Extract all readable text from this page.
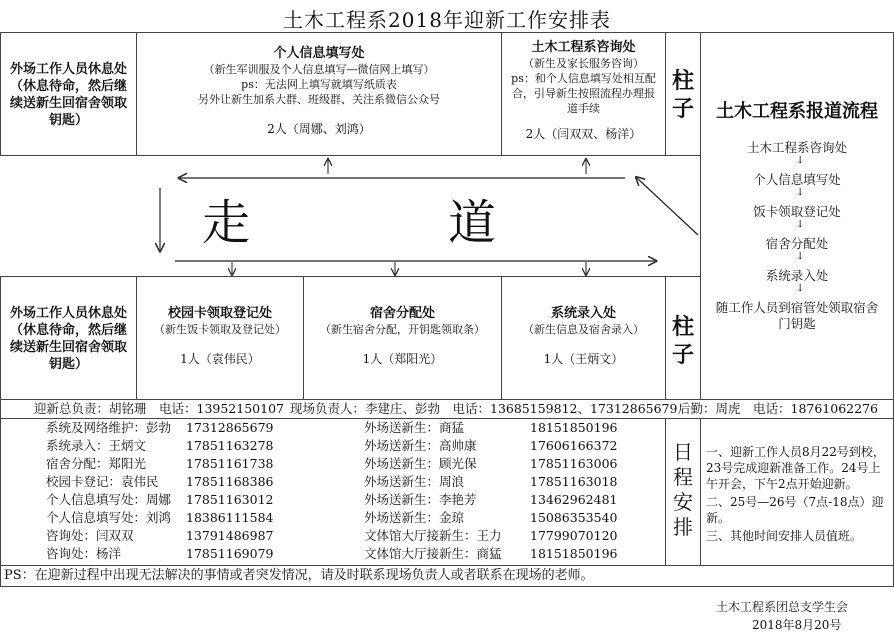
土木工程系2018年迎新工作安排表
外场工作人员休息处（休息待命，然后继续送新生回宿舍领取钥匙）
个人信息填写处
（新生军训服及个人信息填写—微信网上填写）
ps：无法网上填写就填写纸质表
另外让新生加系大群、班级群、关注系微信公众号
2人（周娜、刘鸿）
土木工程系咨询处
（新生及家长服务咨询）
ps：和个人信息填写处相互配合，引导新生按照流程办理报道手续
2人（闫双双、杨洋）
柱子	土木工程系报道流程
土木工程系咨询处
↓
个人信息填写处
↓
饭卡领取登记处
↓
宿舍分配处
↓
系统录入处
↓
随工作人员到宿管处领取宿舍门钥匙
走	道
外场工作人员休息处（休息待命，然后继续送新生回宿舍领取钥匙）
校园卡领取登记处
（新生饭卡领取及登记处）
1人（袁伟民）
宿舍分配处
（新生宿舍分配，开钥匙领取条）
1人（郑阳光）
系统录入处
（新生信息及宿舍录入）
1人（王炳文）
柱子
迎新总负责：胡铭珊　电话：13952150107 现场负责人：李建庄、彭勃　电话：13685159812、17312865679 后勤：周虎　电话：18761062276
日程安排
系统及网络维护：彭勃 17312865679
系统录入：王炳文	17851163278
宿舍分配：郑阳光	17851161738
校园卡登记：袁伟民 17851168386
个人信息填写处：周娜 17851163012
个人信息填写处：刘鸿 18386111584
咨询处：闫双双	13791486987
咨询处：杨洋	17851169079
外场送新生：商猛	18151850196
外场送新生：高帅康	17606166372
外场送新生：顾光保	17851163006
外场送新生：周浪	17851163018
外场送新生：李艳芳	13462962481
外场送新生：金琼	15086353540
文体馆大厅接新生：王力 17799070120
文体馆大厅接新生：商猛 18151850196
一、迎新工作人员8月22号到校，23号完成迎新准备工作。24号上午开会，下午2点开始迎新。
二、25号—26号（7点-18点）迎新。
三、其他时间安排人员值班。
PS：在迎新过程中出现无法解决的事情或者突发情况，请及时联系现场负责人或者联系在现场的老师。
土木工程系团总支学生会
2018年8月20号
